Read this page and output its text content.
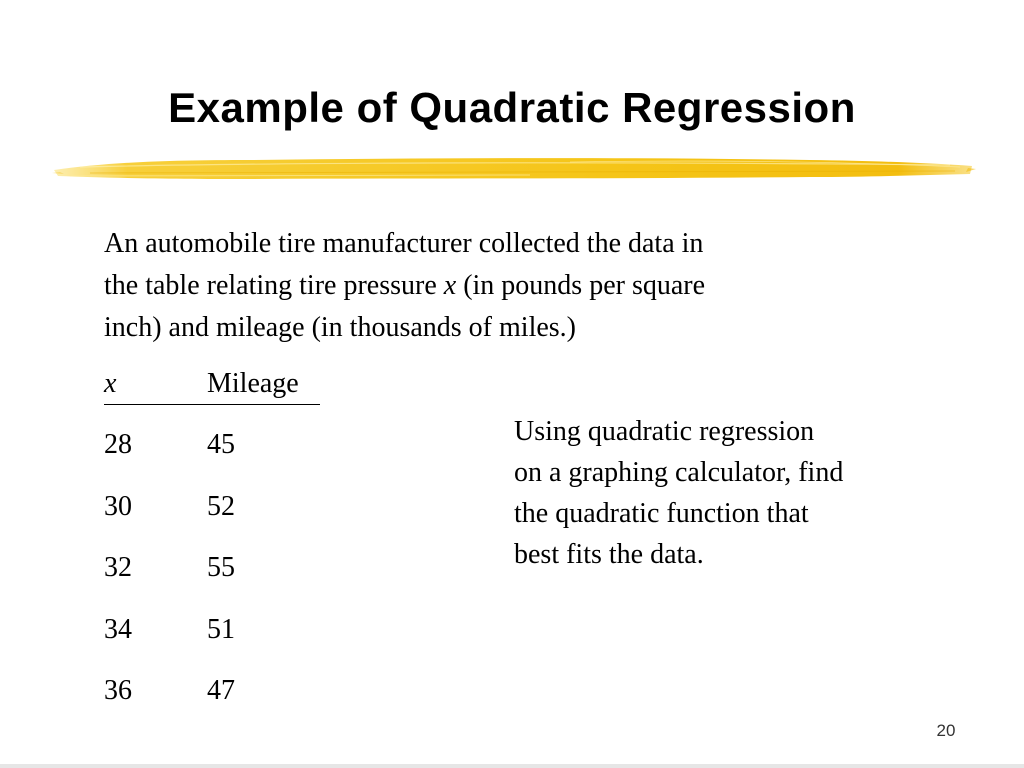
Example of Quadratic Regression

An automobile tire manufacturer collected the data in
the table relating tire pressure x (in pounds per square
inch) and mileage (in thousands of miles.)

x	Mileage
28	45
30	52
32	55
34	51
36	47

Using quadratic regression
on a graphing calculator, find
the quadratic function that
best fits the data.

20
